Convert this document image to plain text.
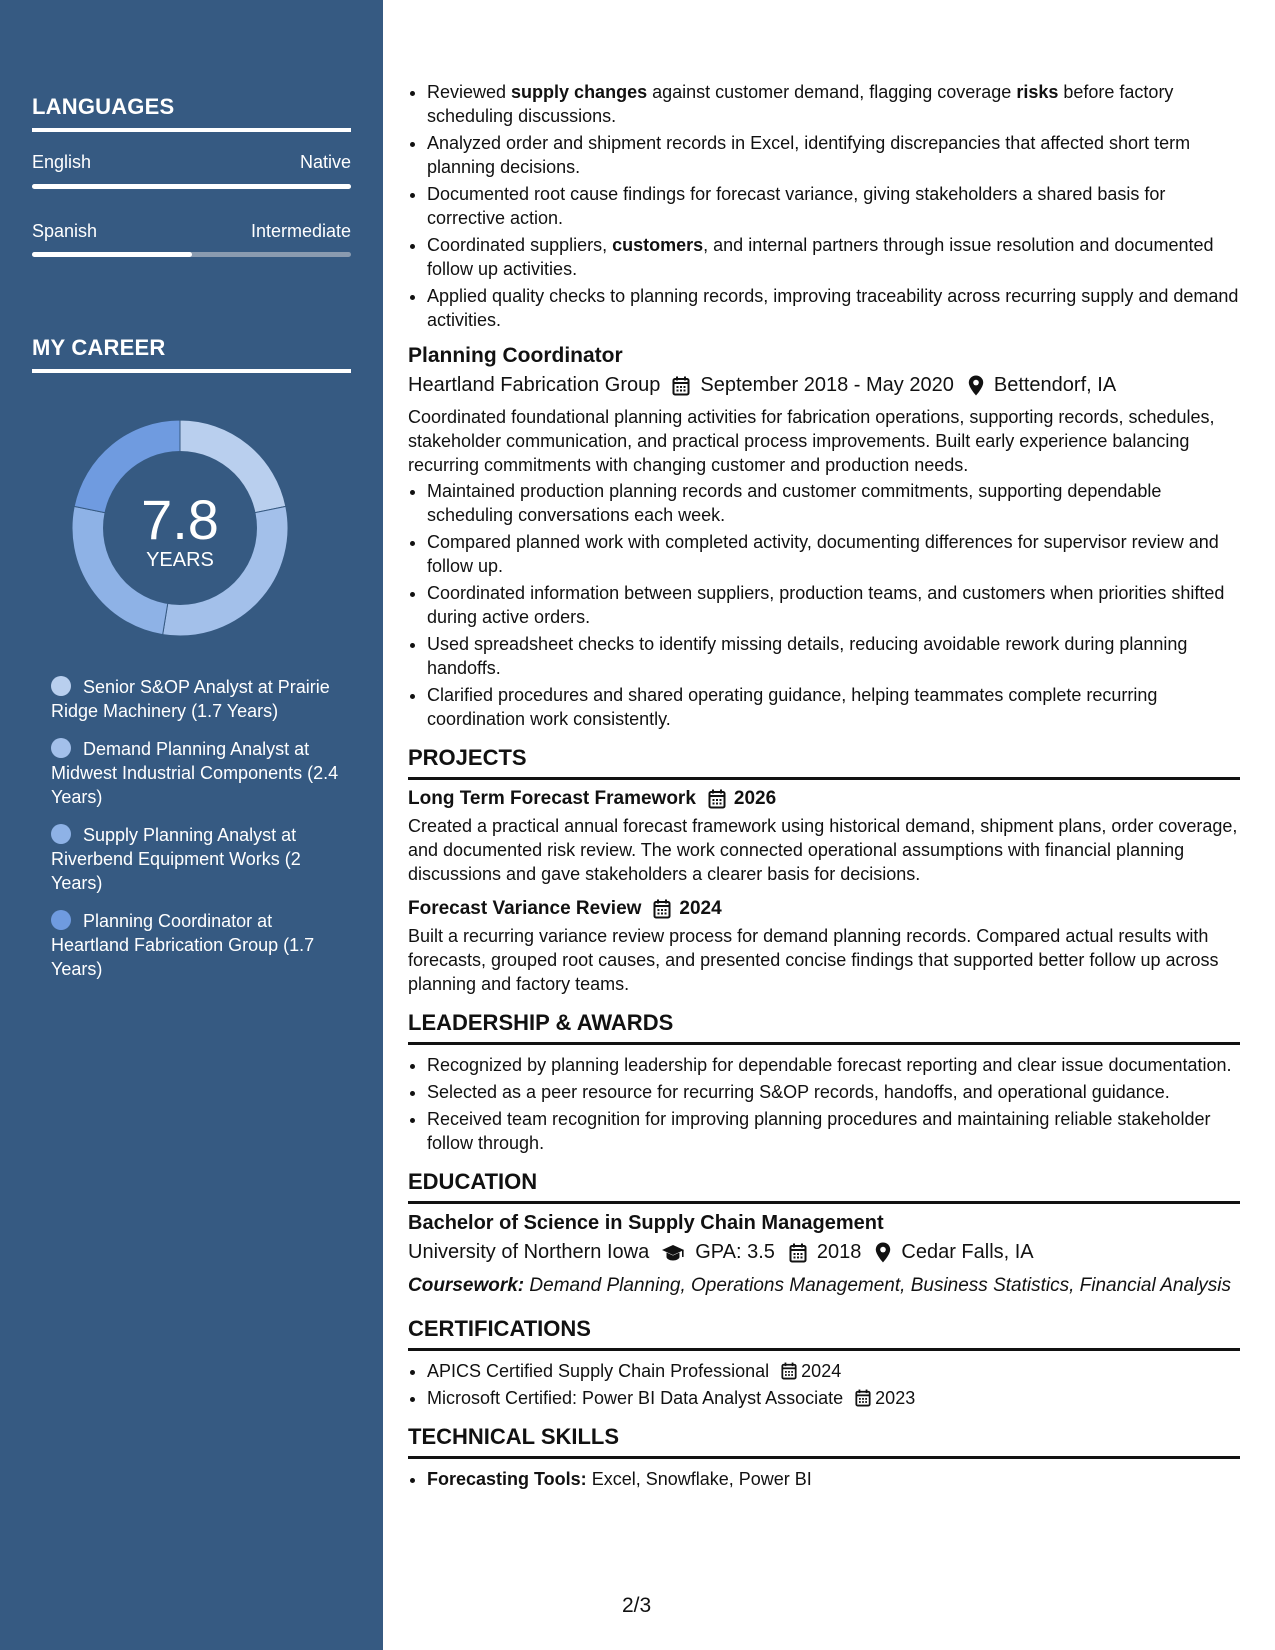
LANGUAGES
English	Native
Spanish	Intermediate
MY CAREER
7.8
YEARS
Senior S&OP Analyst at Prairie Ridge Machinery (1.7 Years)
Demand Planning Analyst at Midwest Industrial Components (2.4 Years)
Supply Planning Analyst at Riverbend Equipment Works (2 Years)
Planning Coordinator at Heartland Fabrication Group (1.7 Years)
• Reviewed supply changes against customer demand, flagging coverage risks before factory scheduling discussions.
• Analyzed order and shipment records in Excel, identifying discrepancies that affected short term planning decisions.
• Documented root cause findings for forecast variance, giving stakeholders a shared basis for corrective action.
• Coordinated suppliers, customers, and internal partners through issue resolution and documented follow up activities.
• Applied quality checks to planning records, improving traceability across recurring supply and demand activities.
Planning Coordinator
Heartland Fabrication Group September 2018 - May 2020 Bettendorf, IA
Coordinated foundational planning activities for fabrication operations, supporting records, schedules, stakeholder communication, and practical process improvements. Built early experience balancing recurring commitments with changing customer and production needs.
• Maintained production planning records and customer commitments, supporting dependable scheduling conversations each week.
• Compared planned work with completed activity, documenting differences for supervisor review and follow up.
• Coordinated information between suppliers, production teams, and customers when priorities shifted during active orders.
• Used spreadsheet checks to identify missing details, reducing avoidable rework during planning handoffs.
• Clarified procedures and shared operating guidance, helping teammates complete recurring coordination work consistently.
PROJECTS
Long Term Forecast Framework 2026
Created a practical annual forecast framework using historical demand, shipment plans, order coverage, and documented risk review. The work connected operational assumptions with financial planning discussions and gave stakeholders a clearer basis for decisions.
Forecast Variance Review 2024
Built a recurring variance review process for demand planning records. Compared actual results with forecasts, grouped root causes, and presented concise findings that supported better follow up across planning and factory teams.
LEADERSHIP & AWARDS
• Recognized by planning leadership for dependable forecast reporting and clear issue documentation.
• Selected as a peer resource for recurring S&OP records, handoffs, and operational guidance.
• Received team recognition for improving planning procedures and maintaining reliable stakeholder follow through.
EDUCATION
Bachelor of Science in Supply Chain Management
University of Northern Iowa GPA: 3.5 2018 Cedar Falls, IA
Coursework: Demand Planning, Operations Management, Business Statistics, Financial Analysis
CERTIFICATIONS
• APICS Certified Supply Chain Professional 2024
• Microsoft Certified: Power BI Data Analyst Associate 2023
TECHNICAL SKILLS
• Forecasting Tools: Excel, Snowflake, Power BI
2/3
